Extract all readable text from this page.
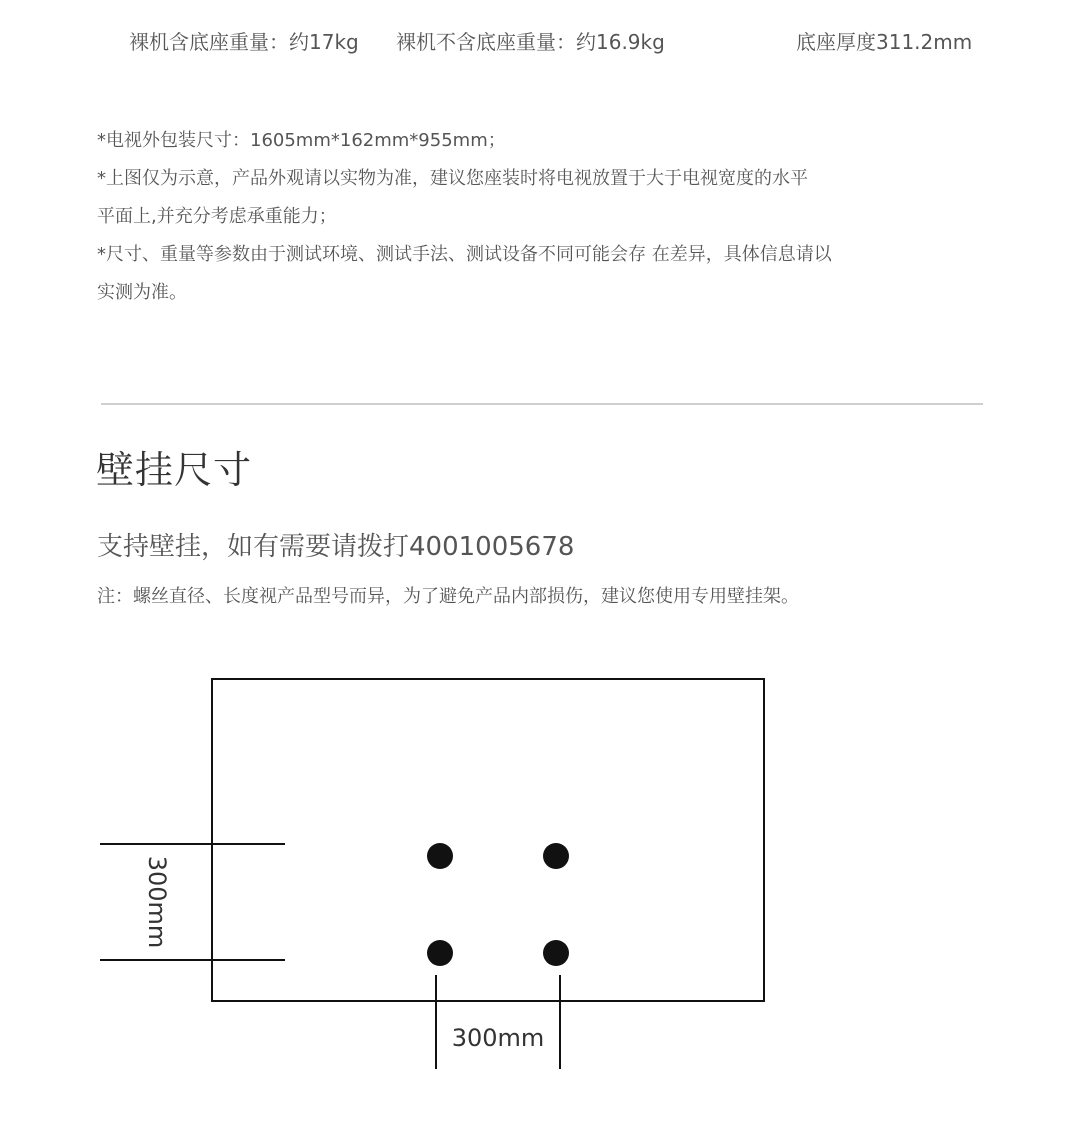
裸机含底座重量：约17kg 裸机不含底座重量：约16.9kg	底座厚度311.2mm

*电视外包装尺寸：1605mm*162mm*955mm；

*上图仅为示意，产品外观请以实物为准，建议您座装时将电视放置于大于电视宽度的水平

平面上,并充分考虑承重能力；

*尺寸、重量等参数由于测试环境、测试手法、测试设备不同可能会存 在差异，具体信息请以

实测为准。

壁挂尺寸
支持壁挂，如有需要请拨打4001005678
注：螺丝直径、长度视产品型号而异，为了避免产品内部损伤，建议您使用专用壁挂架。
300mm
300mm
